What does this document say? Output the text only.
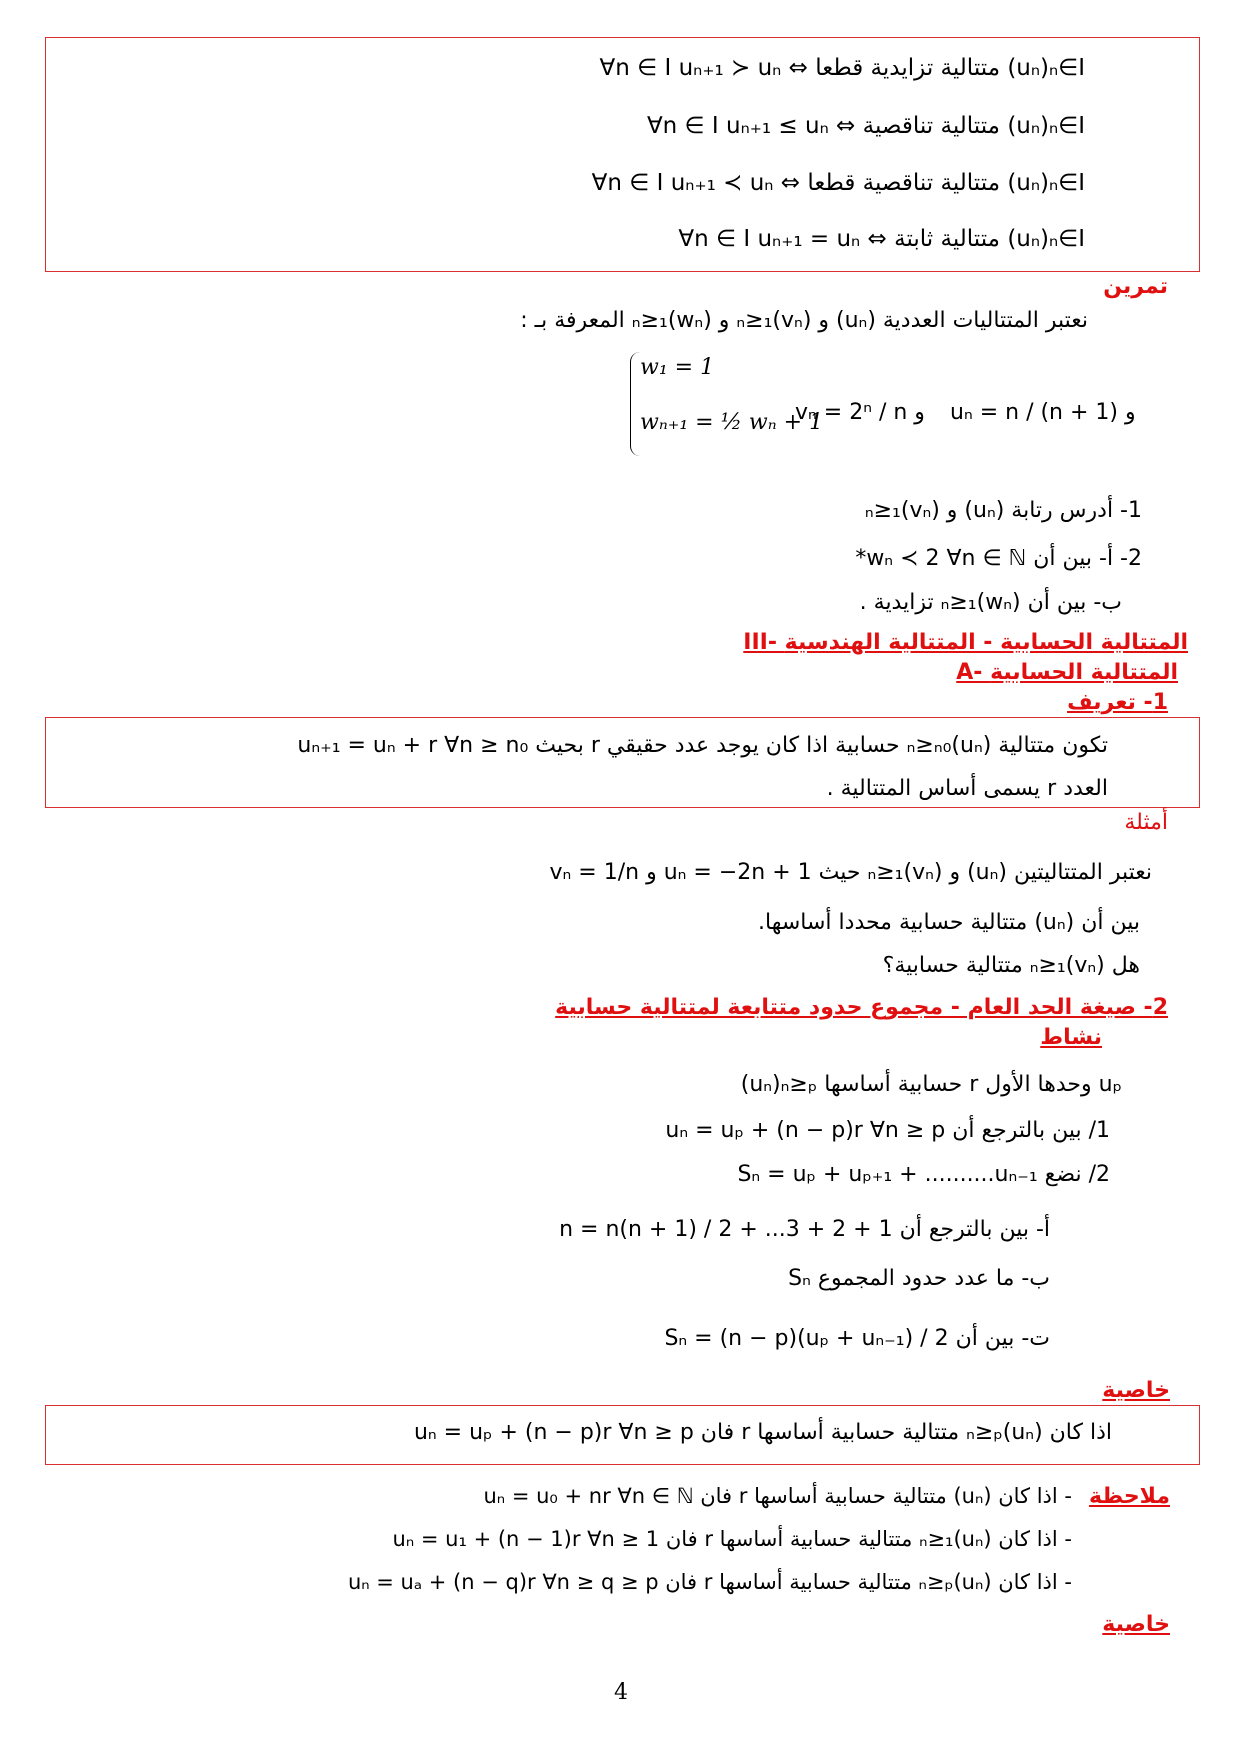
∀n ∈ I uₙ₊₁ ≻ uₙ ⇔ متتالية تزايدية قطعا (uₙ)ₙ∈I
∀n ∈ I uₙ₊₁ ≤ uₙ ⇔ متتالية تناقصية (uₙ)ₙ∈I
∀n ∈ I uₙ₊₁ ≺ uₙ ⇔ متتالية تناقصية قطعا (uₙ)ₙ∈I
∀n ∈ I uₙ₊₁ = uₙ ⇔ متتالية ثابتة (uₙ)ₙ∈I
تمرين
نعتبر المتتاليات العددية (uₙ) و (vₙ)ₙ≥₁ و (wₙ)ₙ≥₁ المعرفة بـ :
w₁ = 1
wₙ₊₁ = ½ wₙ + 1
و vₙ = 2ⁿ / n و uₙ = n / (n + 1)
1- أدرس رتابة (uₙ) و (vₙ)ₙ≥₁
2- أ- بين أن wₙ ≺ 2 ∀n ∈ ℕ*
ب- بين أن (wₙ)ₙ≥₁ تزايدية .
III- المتتالية الحسابية - المتتالية الهندسية
A- المتتالية الحسابية
1- تعريف
تكون متتالية (uₙ)ₙ≥ₙ₀ حسابية اذا كان يوجد عدد حقيقي r بحيث uₙ₊₁ = uₙ + r ∀n ≥ n₀
العدد r يسمى أساس المتتالية .
أمثلة
نعتبر المتتاليتين (uₙ) و (vₙ)ₙ≥₁ حيث uₙ = −2n + 1 و vₙ = 1/n
بين أن (uₙ) متتالية حسابية محددا أساسها.
هل (vₙ)ₙ≥₁ متتالية حسابية؟
2- صيغة الحد العام - مجموع حدود متتابعة لمتتالية حسابية
نشاط
(uₙ)ₙ≥ₚ حسابية أساسها r وحدها الأول uₚ
1/ بين بالترجع أن uₙ = uₚ + (n − p)r ∀n ≥ p
2/ نضع Sₙ = uₚ + uₚ₊₁ + ..........uₙ₋₁
أ- بين بالترجع أن 1 + 2 + 3... + n = n(n + 1) / 2
ب- ما عدد حدود المجموع Sₙ
ت- بين أن Sₙ = (n − p)(uₚ + uₙ₋₁) / 2
خاصية
اذا كان (uₙ)ₙ≥ₚ متتالية حسابية أساسها r فان uₙ = uₚ + (n − p)r ∀n ≥ p
ملاحظة
- اذا كان (uₙ) متتالية حسابية أساسها r فان uₙ = u₀ + nr ∀n ∈ ℕ
- اذا كان (uₙ)ₙ≥₁ متتالية حسابية أساسها r فان uₙ = u₁ + (n − 1)r ∀n ≥ 1
- اذا كان (uₙ)ₙ≥ₚ متتالية حسابية أساسها r فان uₙ = uₐ + (n − q)r ∀n ≥ q ≥ p
خاصية
4
